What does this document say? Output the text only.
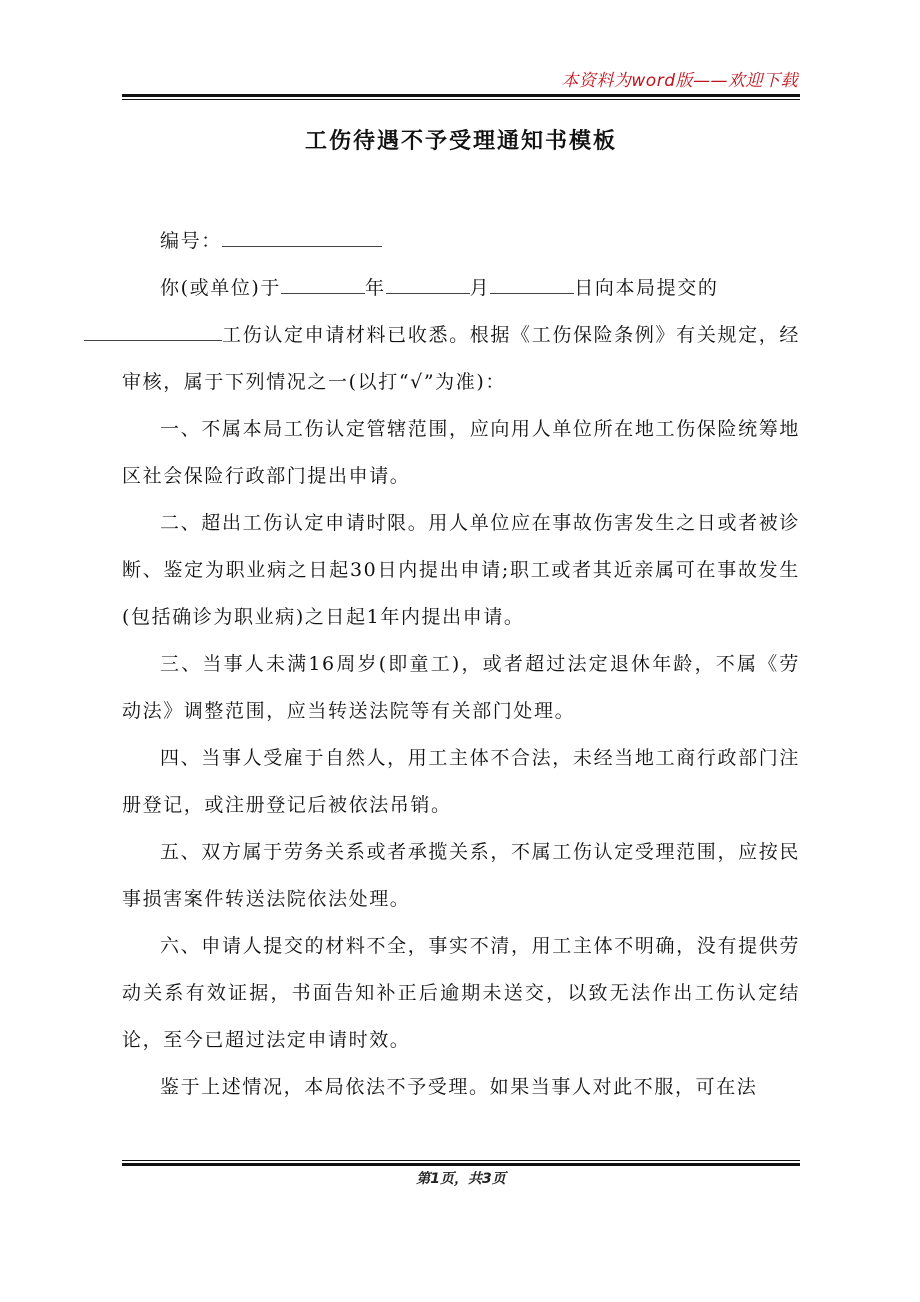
本资料为word版——欢迎下载
工伤待遇不予受理通知书模板

编号：

你(或单位)于	年	月	日向本局提交的
工伤认定申请材料已收悉。根据《工伤保险条例》有关规定，经审核，属于下列情况之一(以打“√”为准)：

一、不属本局工伤认定管辖范围，应向用人单位所在地工伤保险统筹地区社会保险行政部门提出申请。

二、超出工伤认定申请时限。用人单位应在事故伤害发生之日或者被诊断、鉴定为职业病之日起30日内提出申请;职工或者其近亲属可在事故发生(包括确诊为职业病)之日起1年内提出申请。

三、当事人未满16周岁(即童工)，或者超过法定退休年龄，不属《劳动法》调整范围，应当转送法院等有关部门处理。

四、当事人受雇于自然人，用工主体不合法，未经当地工商行政部门注册登记，或注册登记后被依法吊销。

五、双方属于劳务关系或者承揽关系，不属工伤认定受理范围，应按民事损害案件转送法院依法处理。

六、申请人提交的材料不全，事实不清，用工主体不明确，没有提供劳动关系有效证据，书面告知补正后逾期未送交，以致无法作出工伤认定结论，至今已超过法定申请时效。

鉴于上述情况，本局依法不予受理。如果当事人对此不服，可在法

第1页，共3页
